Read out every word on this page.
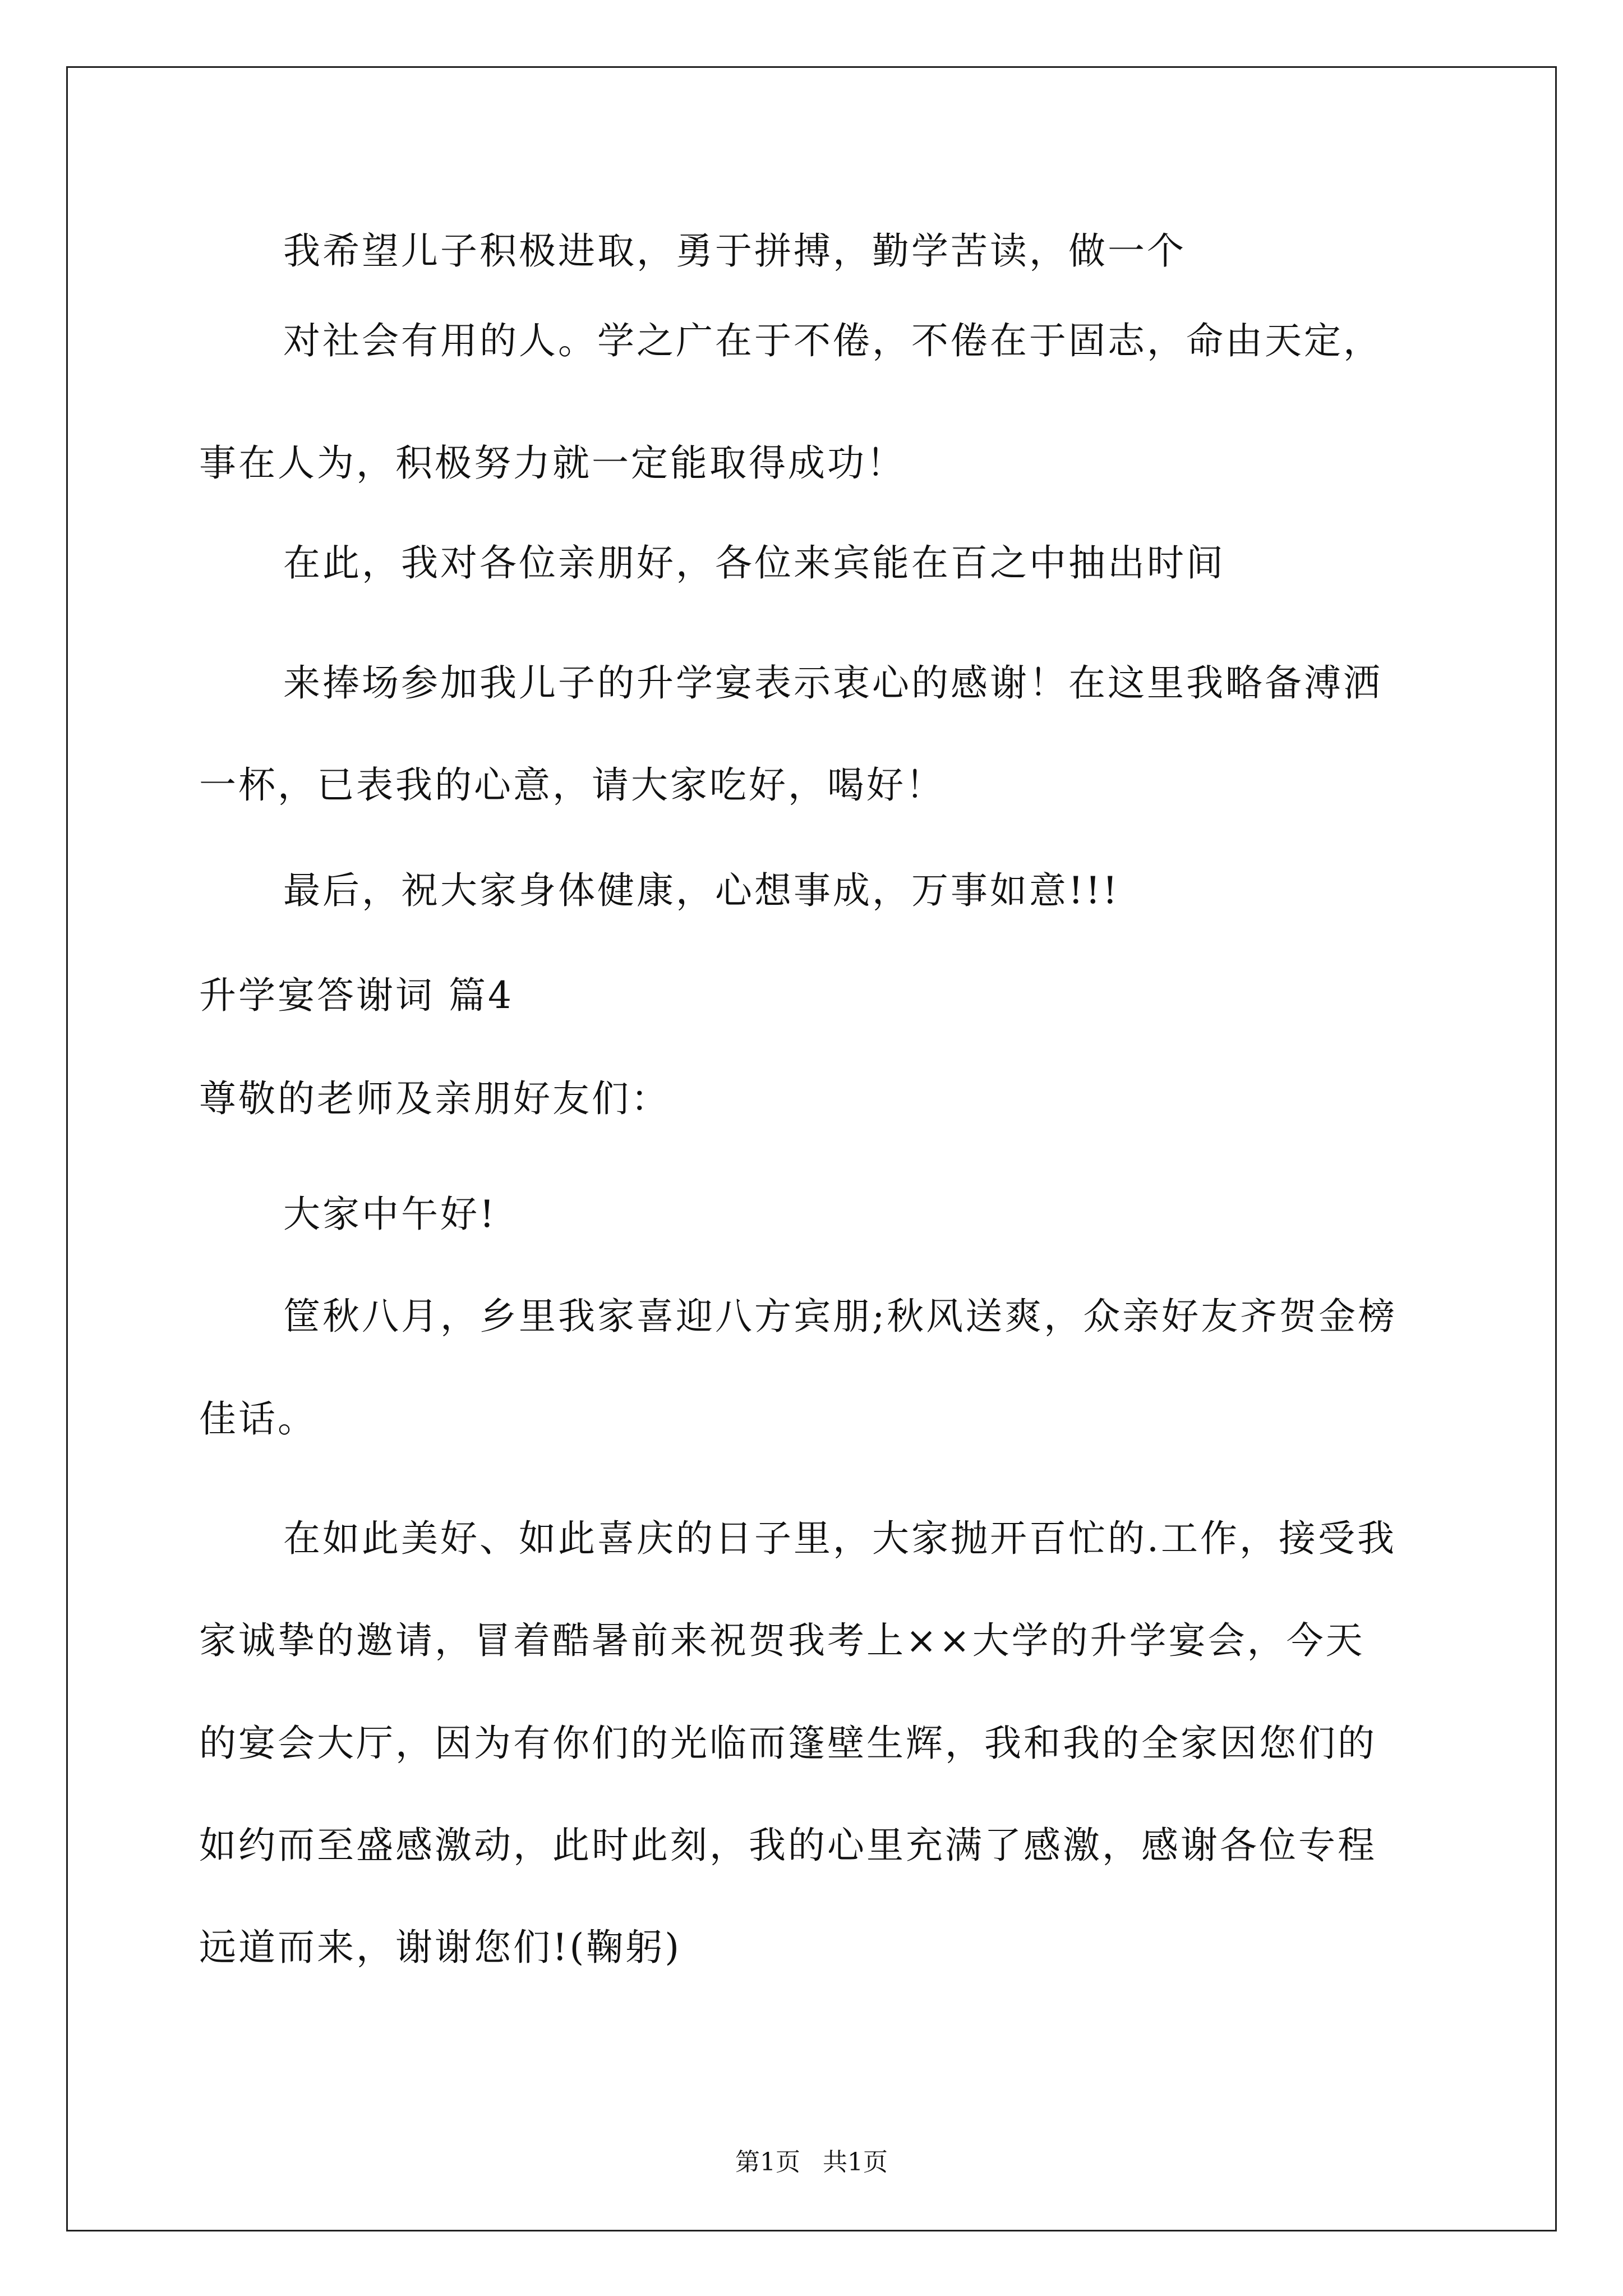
我希望儿子积极进取，勇于拼搏，勤学苦读，做一个
对社会有用的人。学之广在于不倦，不倦在于固志，命由天定，
事在人为，积极努力就一定能取得成功！
在此，我对各位亲朋好，各位来宾能在百之中抽出时间
来捧场参加我儿子的升学宴表示衷心的感谢！在这里我略备溥洒
一杯，已表我的心意，请大家吃好，喝好！
最后，祝大家身体健康，心想事成，万事如意!!!
升学宴答谢词 篇4
尊敬的老师及亲朋好友们：
大家中午好!
筐秋八月，乡里我家喜迎八方宾朋;秋风送爽，众亲好友齐贺金榜
佳话。
在如此美好、如此喜庆的日子里，大家抛开百忙的.工作，接受我
家诚挚的邀请，冒着酷暑前来祝贺我考上××大学的升学宴会，今天
的宴会大厅，因为有你们的光临而篷壁生辉，我和我的全家因您们的
如约而至盛感激动，此时此刻，我的心里充满了感激，感谢各位专程
远道而来，谢谢您们!(鞠躬)
第1页 共1页
